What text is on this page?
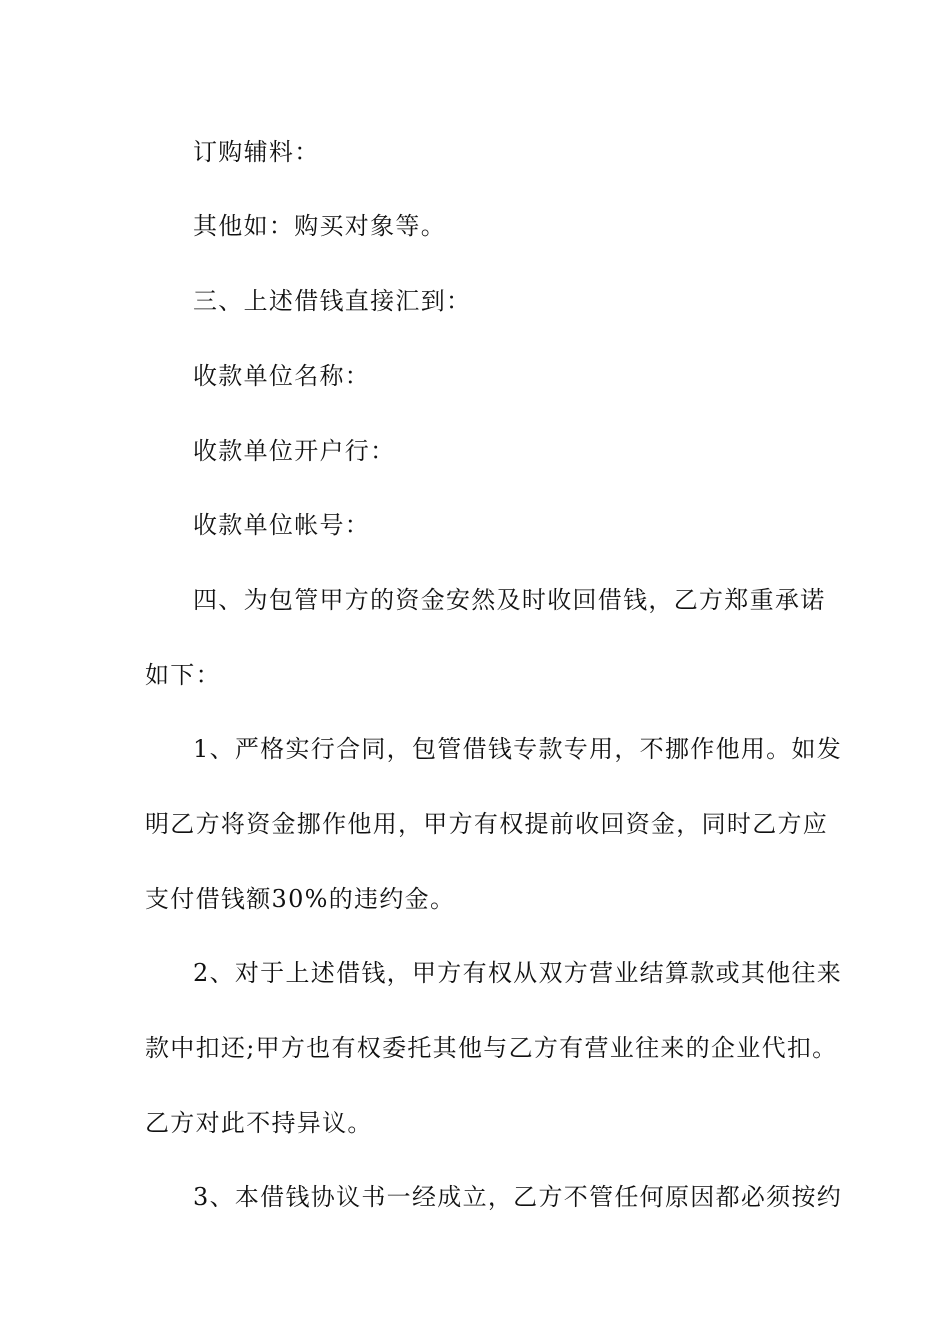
订购辅料：
其他如：购买对象等。
三、上述借钱直接汇到：
收款单位名称：
收款单位开户行：
收款单位帐号：
四、为包管甲方的资金安然及时收回借钱，乙方郑重承诺
如下：
1、严格实行合同，包管借钱专款专用，不挪作他用。如发
明乙方将资金挪作他用，甲方有权提前收回资金，同时乙方应
支付借钱额30%的违约金。
2、对于上述借钱，甲方有权从双方营业结算款或其他往来
款中扣还;甲方也有权委托其他与乙方有营业往来的企业代扣。
乙方对此不持异议。
3、本借钱协议书一经成立，乙方不管任何原因都必须按约
